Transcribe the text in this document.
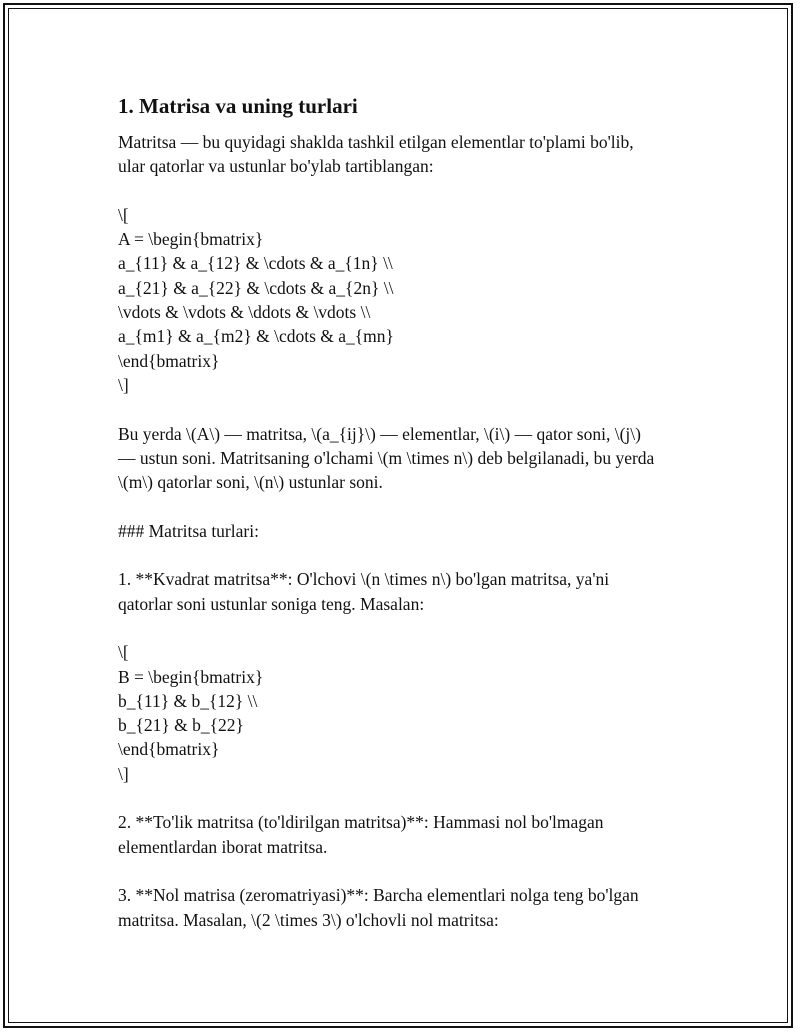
1. Matrisa va uning turlari
Matritsa — bu quyidagi shaklda tashkil etilgan elementlar to'plami bo'lib,
ular qatorlar va ustunlar bo'ylab tartiblangan:
\[
A = \begin{bmatrix}
a_{11} & a_{12} & \cdots & a_{1n} \\
a_{21} & a_{22} & \cdots & a_{2n} \\
\vdots & \vdots & \ddots & \vdots \\
a_{m1} & a_{m2} & \cdots & a_{mn}
\end{bmatrix}
\]
Bu yerda \(A\) — matritsa, \(a_{ij}\) — elementlar, \(i\) — qator soni, \(j\)
— ustun soni. Matritsaning o'lchami \(m \times n\) deb belgilanadi, bu yerda
\(m\) qatorlar soni, \(n\) ustunlar soni.
### Matritsa turlari:
1. **Kvadrat matritsa**: O'lchovi \(n \times n\) bo'lgan matritsa, ya'ni
qatorlar soni ustunlar soniga teng. Masalan:
\[
B = \begin{bmatrix}
b_{11} & b_{12} \\
b_{21} & b_{22}
\end{bmatrix}
\]
2. **To'lik matritsa (to'ldirilgan matritsa)**: Hammasi nol bo'lmagan
elementlardan iborat matritsa.
3. **Nol matrisa (zeromatriyasi)**: Barcha elementlari nolga teng bo'lgan
matritsa. Masalan, \(2 \times 3\) o'lchovli nol matritsa:
